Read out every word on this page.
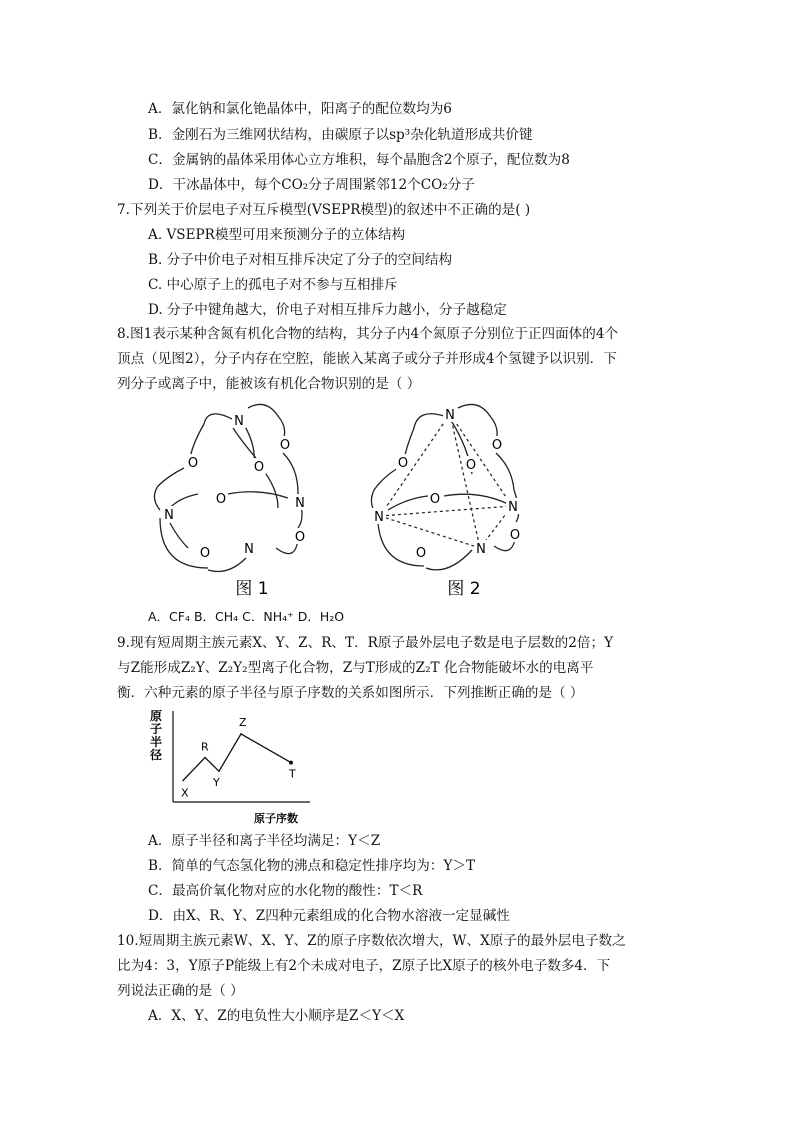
A．氯化钠和氯化铯晶体中，阳离子的配位数均为6
B．金刚石为三维网状结构，由碳原子以sp³杂化轨道形成共价键
C．金属钠的晶体采用体心立方堆积，每个晶胞含2个原子，配位数为8
D．干冰晶体中，每个CO₂分子周围紧邻12个CO₂分子
7.下列关于价层电子对互斥模型(VSEPR模型)的叙述中不正确的是( )
A. VSEPR模型可用来预测分子的立体结构
B. 分子中价电子对相互排斥决定了分子的空间结构
C. 中心原子上的孤电子对不参与互相排斥
D. 分子中键角越大，价电子对相互排斥力越小，分子越稳定
8.图1表示某种含氮有机化合物的结构，其分子内4个氮原子分别位于正四面体的4个
顶点（见图2），分子内存在空腔，能嵌入某离子或分子并形成4个氢键予以识别．下
列分子或离子中，能被该有机化合物识别的是（ ）
N
O
O	O
O	N
N
O
O	N
图 1
N
O
O	O
O
N
N
O
O	N
图 2
A．CF₄ B．CH₄ C．NH₄⁺ D．H₂O
9.现有短周期主族元素X、Y、Z、R、T．R原子最外层电子数是电子层数的2倍；Y
与Z能形成Z₂Y、Z₂Y₂型离子化合物，Z与T形成的Z₂T 化合物能破坏水的电离平
衡．六种元素的原子半径与原子序数的关系如图所示．下列推断正确的是（ ）
原
子
半
径
原子序数
X
R
Y
Z
T
A．原子半径和离子半径均满足：Y＜Z
B．简单的气态氢化物的沸点和稳定性排序均为：Y＞T
C．最高价氧化物对应的水化物的酸性：T＜R
D．由X、R、Y、Z四种元素组成的化合物水溶液一定显碱性
10.短周期主族元素W、X、Y、Z的原子序数依次增大，W、X原子的最外层电子数之
比为4：3，Y原子P能级上有2个未成对电子，Z原子比X原子的核外电子数多4．下
列说法正确的是（ ）
A．X、Y、Z的电负性大小顺序是Z＜Y＜X
